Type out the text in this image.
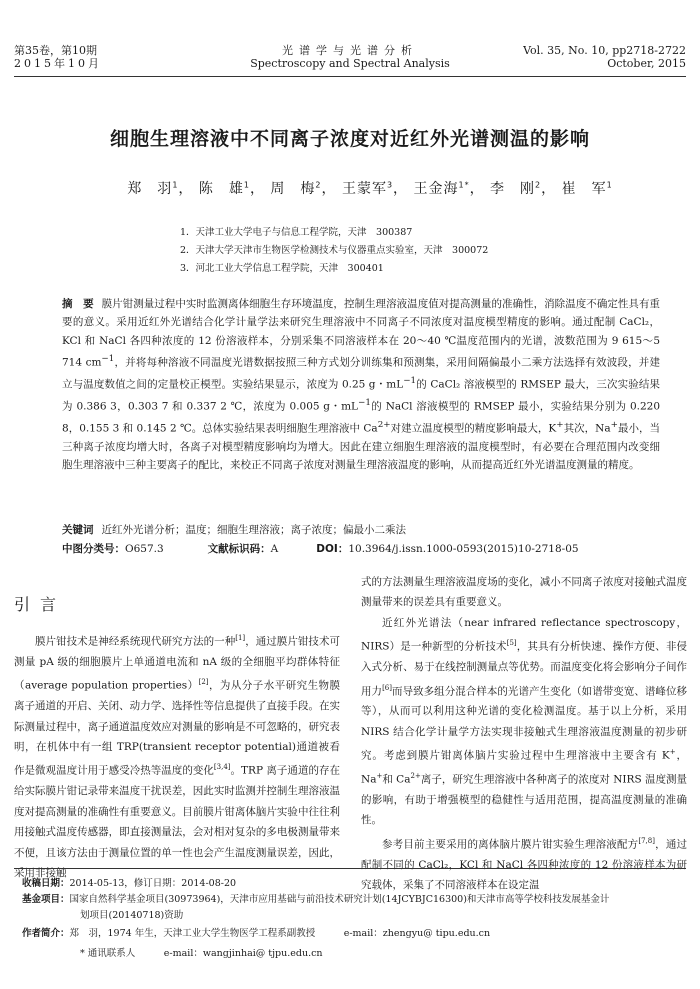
第35卷，第10期
2015年10月
光谱学与光谱分析
Spectroscopy and Spectral Analysis
Vol. 35, No. 10, pp2718-2722
October, 2015
细胞生理溶液中不同离子浓度对近红外光谱测温的影响
郑　羽$^1$， 陈　雄$^1$， 周　梅$^2$， 王蒙军$^3$， 王金海$^{1*}$， 李　刚$^2$， 崔　军$^1$
1．天津工业大学电子与信息工程学院，天津　300387
2．天津大学天津市生物医学检测技术与仪器重点实验室，天津　300072
3．河北工业大学信息工程学院，天津　300401
摘　要 膜片钳测量过程中实时监测离体细胞生存环境温度，控制生理溶液温度值对提高测量的准确性，消除温度不确定性具有重要的意义。采用近红外光谱结合化学计量学法来研究生理溶液中不同离子不同浓度对温度模型精度的影响。通过配制 CaCl₂，KCl 和 NaCl 各四种浓度的 12 份溶液样本，分别采集不同溶液样本在 20～40 ℃温度范围内的光谱，波数范围为 9 615～5 714 $cm^{-1}$，并将每种溶液不同温度光谱数据按照三种方式划分训练集和预测集，采用间隔偏最小二乘方法选择有效波段，并建立与温度数值之间的定量校正模型。实验结果显示，浓度为 0.25 g・$mL^{-1}$的 CaCl₂ 溶液模型的 RMSEP 最大，三次实验结果为 0.386 3，0.303 7 和 0.337 2 ℃，浓度为 0.005 g・$mL^{-1}$的 NaCl 溶液模型的 RMSEP 最小，实验结果分别为 0.220 8，0.155 3 和 0.145 2 ℃。总体实验结果表明细胞生理溶液中 $Ca^{2+}$对建立温度模型的精度影响最大，K+其次，Na+最小，当三种离子浓度均增大时，各离子对模型精度影响均为增大。因此在建立细胞生理溶液的温度模型时，有必要在合理范围内改变细胞生理溶液中三种主要离子的配比，来校正不同离子浓度对测量生理溶液温度的影响，从而提高近红外光谱温度测量的精度。
关键词 近红外光谱分析；温度；细胞生理溶液；离子浓度；偏最小二乘法
中图分类号：O657.3	文献标识码：A	DOI：10.3964/j.issn.1000-0593(2015)10-2718-05
引言

膜片钳技术是神经系统现代研究方法的一种[1]，通过膜片钳技术可测量 pA 级的细胞膜片上单通道电流和 nA 级的全细胞平均群体特征（average population properties）[2]，为从分子水平研究生物膜离子通道的开启、关闭、动力学、选择性等信息提供了直接手段。在实际测量过程中，离子通道温度效应对测量的影响是不可忽略的，研究表明，在机体中有一组 TRP(transient receptor potential)通道被看作是微观温度计用于感受冷热等温度的变化[3,4]。TRP 离子通道的存在给实际膜片钳记录带来温度干扰误差，因此实时监测并控制生理溶液温度对提高测量的准确性有重要意义。目前膜片钳离体脑片实验中往往利用接触式温度传感器，即直接测量法，会对相对复杂的多电极测量带来不便，且该方法由于测量位置的单一性也会产生温度测量误差，因此，采用非接触

式的方法测量生理溶液温度场的变化，减小不同离子浓度对接触式温度测量带来的误差具有重要意义。

近红外光谱法（near infrared reflectance spectroscopy，NIRS）是一种新型的分析技术[5]，其具有分析快速、操作方便、非侵入式分析、易于在线控制测量点等优势。而温度变化将会影响分子间作用力[6]而导致多组分混合样本的光谱产生变化（如谱带变宽、谱峰位移等），从而可以利用这种光谱的变化检测温度。基于以上分析，采用 NIRS 结合化学计量学方法实现非接触式生理溶液温度测量的初步研究。考虑到膜片钳离体脑片实验过程中生理溶液中主要含有 K+，Na+和 $Ca^{2+}$离子，研究生理溶液中各种离子的浓度对 NIRS 温度测量的影响，有助于增强模型的稳健性与适用范围，提高温度测量的准确性。

参考目前主要采用的离体脑片膜片钳实验生理溶液配方[7,8]，通过配制不同的 CaCl₂，KCl 和 NaCl 各四种浓度的 12 份溶液样本为研究载体，采集了不同溶液样本在设定温

收稿日期：2014-05-13，修订日期：2014-08-20
基金项目：国家自然科学基金项目(30973964)，天津市应用基础与前沿技术研究计划(14JCYBJC16300)和天津市高等学校科技发展基金计
划项目(20140718)资助
作者简介：郑　羽，1974 年生，天津工业大学生物医学工程系副教授　　　e-mail：zhengyu@ tipu.edu.cn
* 通讯联系人　　　e-mail：wangjinhai@ tjpu.edu.cn
